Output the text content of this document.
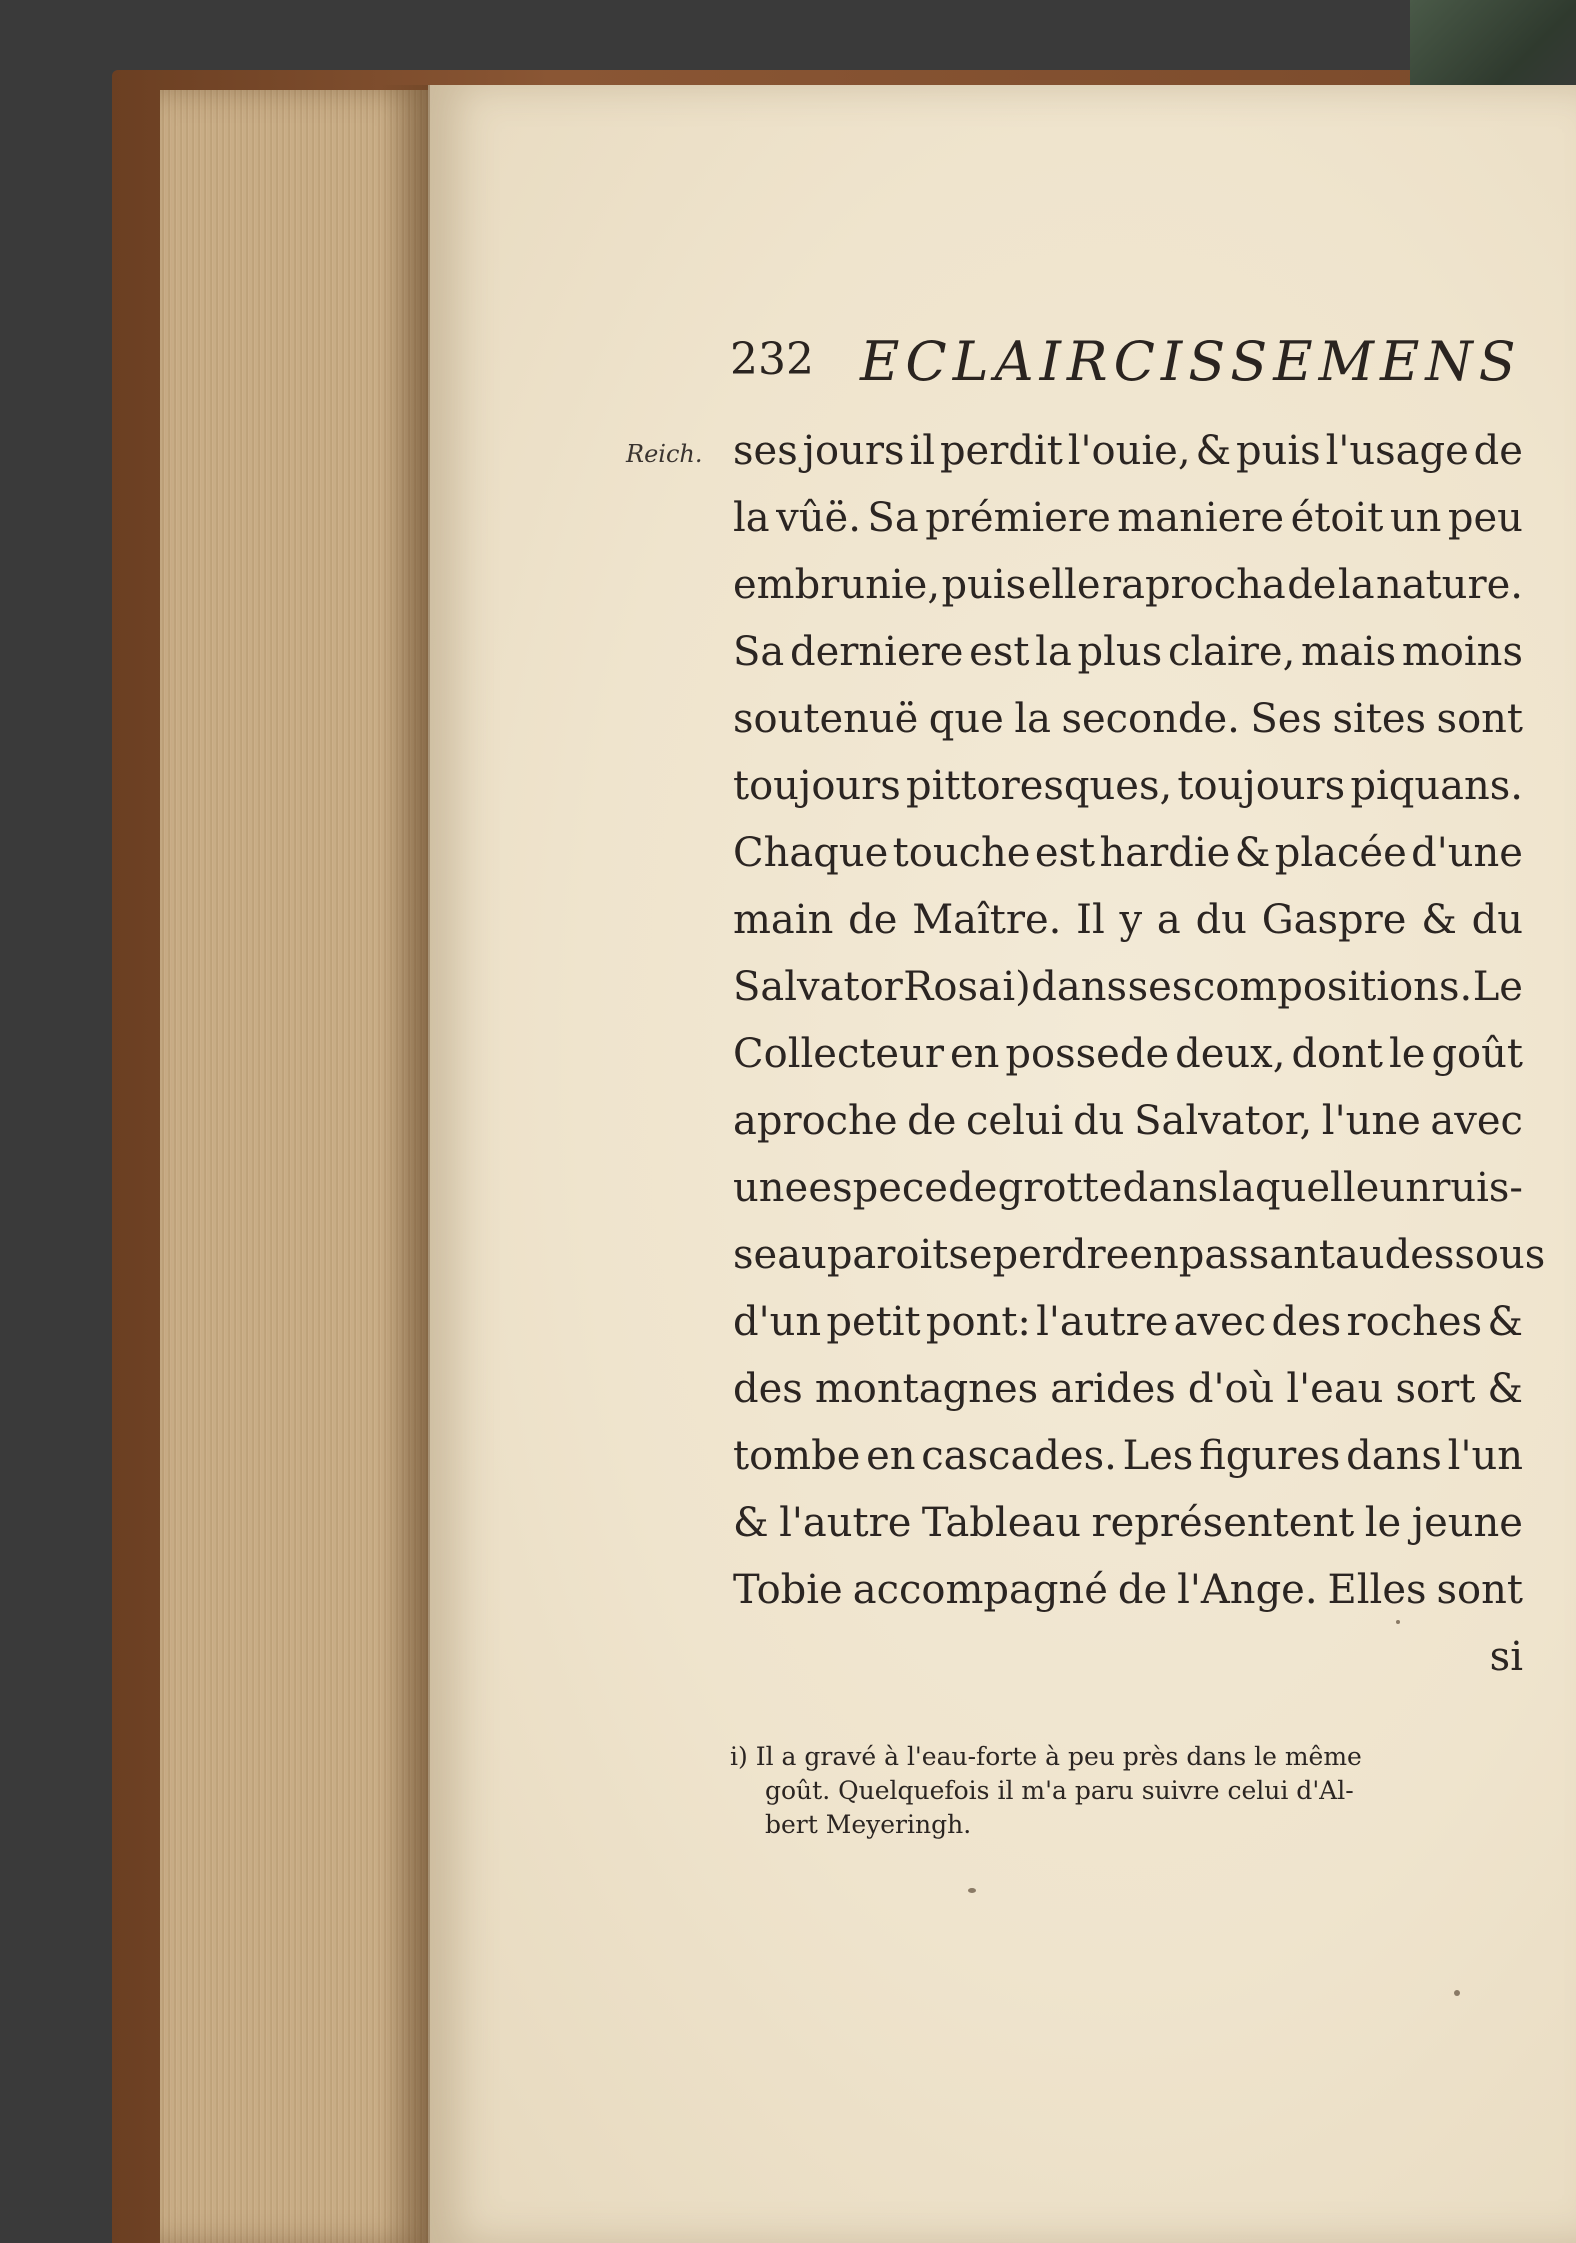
232 ECLAIRCISSEMENS
Reich. ses jours il perdit l'ouie, & puis l'usage de
la vûë. Sa prémiere maniere étoit un peu
embrunie, puis elle raprocha de la nature.
Sa derniere est la plus claire, mais moins
soutenuë que la seconde. Ses sites sont
toujours pittoresques, toujours piquans.
Chaque touche est hardie & placée d'une
main de Maître. Il y a du Gaspre & du
Salvator Rosa i) dans ses compositions. Le
Collecteur en possede deux, dont le goût
aproche de celui du Salvator, l'une avec
une espece de grotte dans laquelle un ruis-
seau paroit se perdre en passant au dessous
d'un petit pont: l'autre avec des roches &
des montagnes arides d'où l'eau sort &
tombe en cascades. Les figures dans l'un
& l'autre Tableau représentent le jeune
Tobie accompagné de l'Ange. Elles sont
si
i) Il a gravé à l'eau-forte à peu près dans le même
goût. Quelquefois il m'a paru suivre celui d'Al-
bert Meyeringh.
